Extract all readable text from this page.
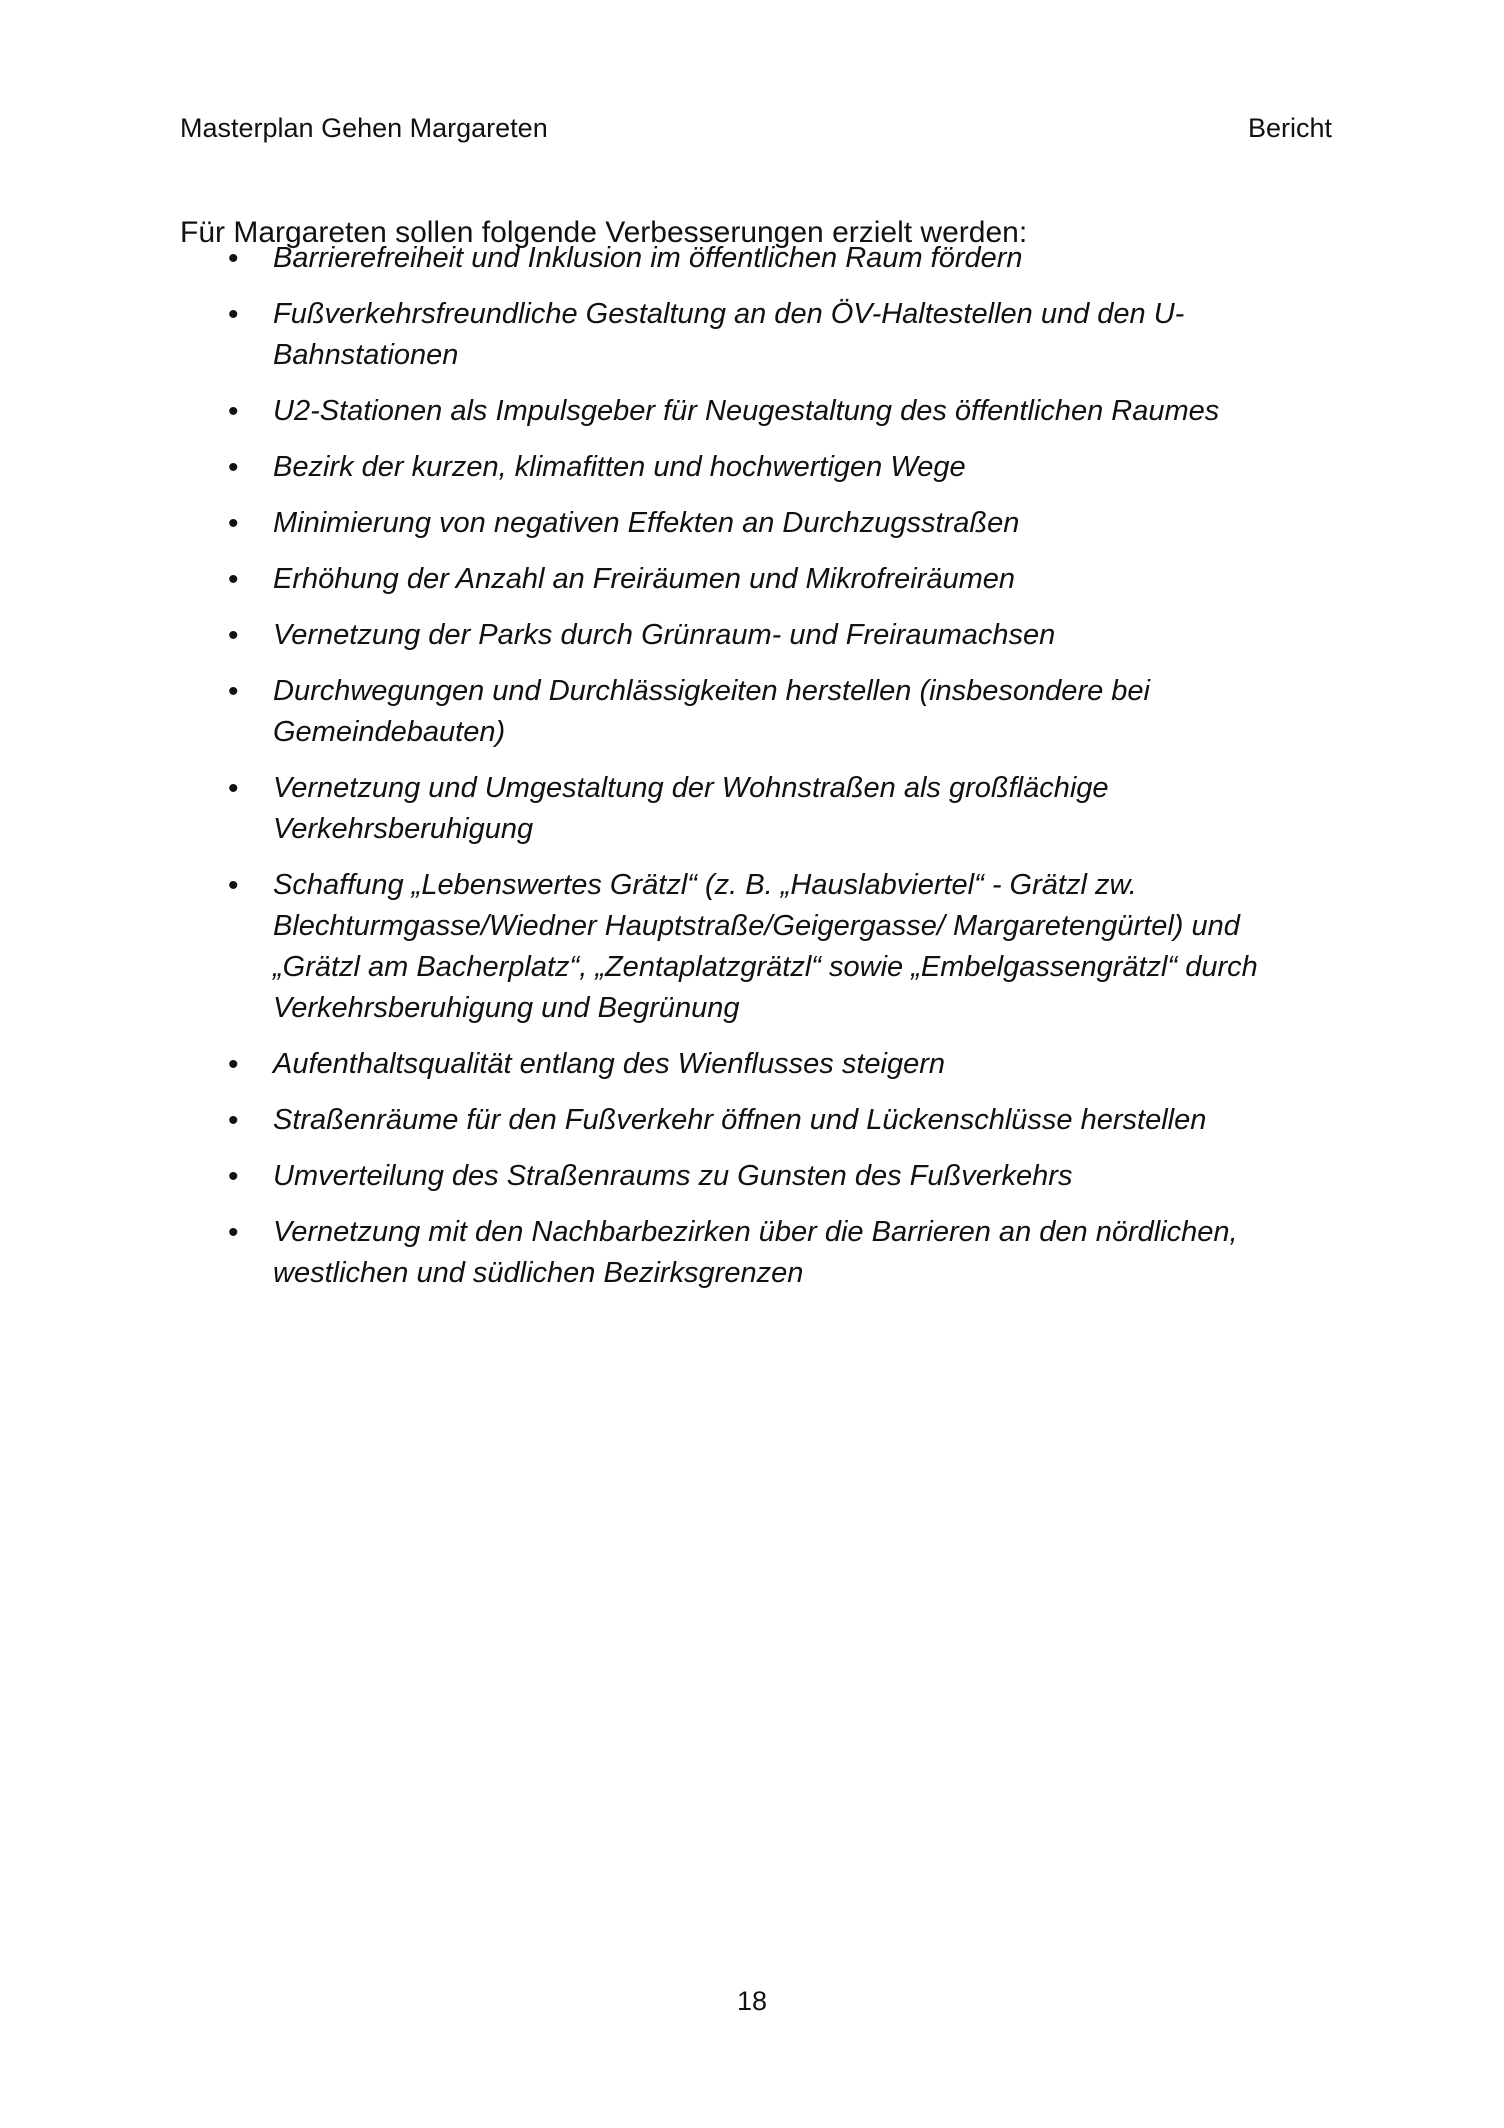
Masterplan Gehen Margareten	Bericht

Für Margareten sollen folgende Verbesserungen erzielt werden:

• Barrierefreiheit und Inklusion im öffentlichen Raum fördern
• Fußverkehrsfreundliche Gestaltung an den ÖV-Haltestellen und den U-
Bahnstationen
• U2-Stationen als Impulsgeber für Neugestaltung des öffentlichen Raumes
• Bezirk der kurzen, klimafitten und hochwertigen Wege
• Minimierung von negativen Effekten an Durchzugsstraßen
• Erhöhung der Anzahl an Freiräumen und Mikrofreiräumen
• Vernetzung der Parks durch Grünraum- und Freiraumachsen
• Durchwegungen und Durchlässigkeiten herstellen (insbesondere bei
Gemeindebauten)
• Vernetzung und Umgestaltung der Wohnstraßen als großflächige
Verkehrsberuhigung
• Schaffung „Lebenswertes Grätzl“ (z. B. „Hauslabviertel“ - Grätzl zw.
Blechturmgasse/Wiedner Hauptstraße/Geigergasse/ Margaretengürtel) und
„Grätzl am Bacherplatz“, „Zentaplatzgrätzl“ sowie „Embelgassengrätzl“ durch
Verkehrsberuhigung und Begrünung
• Aufenthaltsqualität entlang des Wienflusses steigern
• Straßenräume für den Fußverkehr öffnen und Lückenschlüsse herstellen
• Umverteilung des Straßenraums zu Gunsten des Fußverkehrs
• Vernetzung mit den Nachbarbezirken über die Barrieren an den nördlichen,
westlichen und südlichen Bezirksgrenzen
18
